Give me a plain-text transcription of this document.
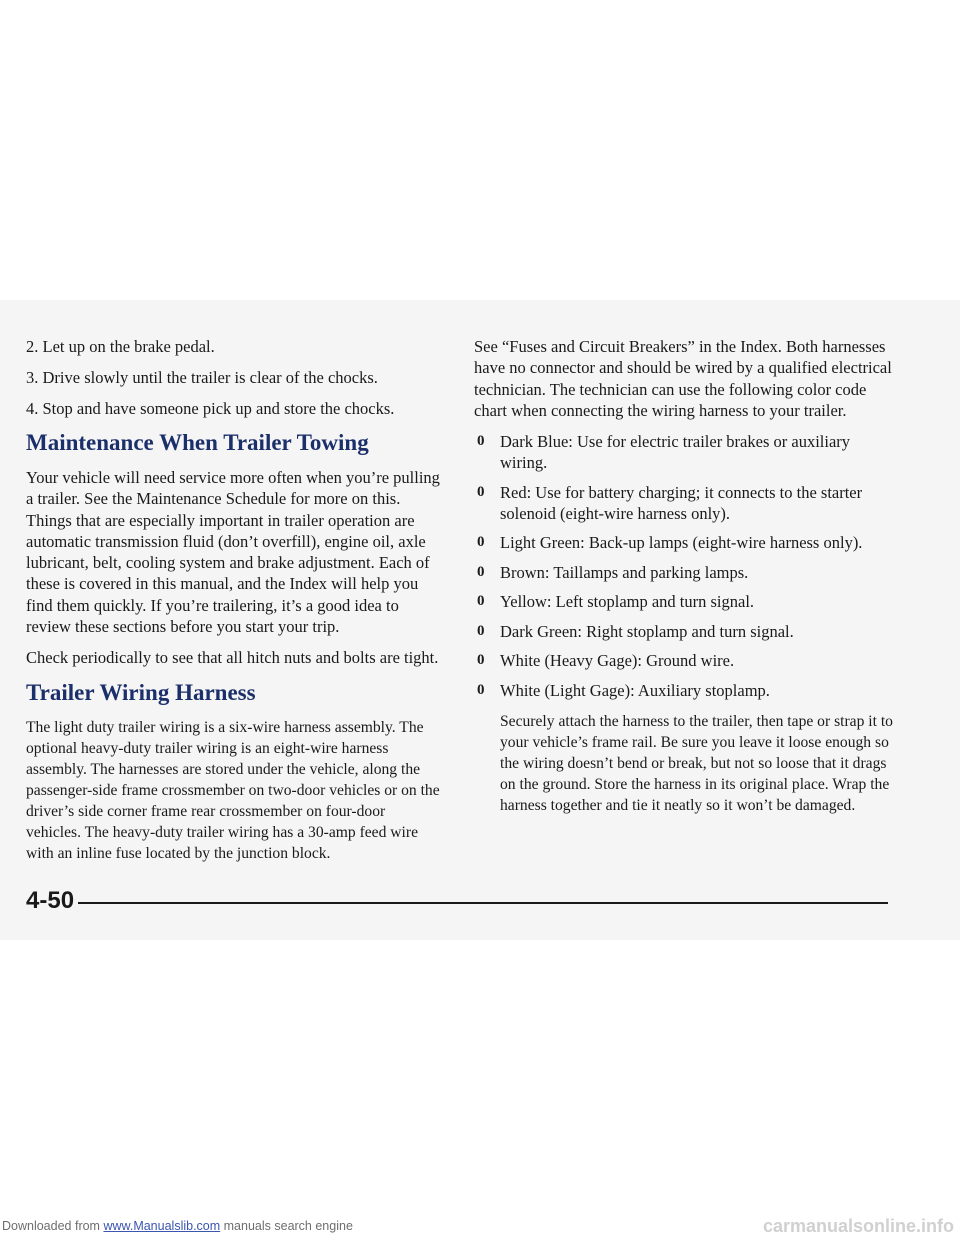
2. Let up on the brake pedal.

3. Drive slowly until the trailer is clear of the chocks.

4. Stop and have someone pick up and store the chocks.

Maintenance When Trailer Towing

Your vehicle will need service more often when you’re pulling a trailer. See the Maintenance Schedule for more on this. Things that are especially important in trailer operation are automatic transmission fluid (don’t overfill), engine oil, axle lubricant, belt, cooling system and brake adjustment. Each of these is covered in this manual, and the Index will help you find them quickly. If you’re trailering, it’s a good idea to review these sections before you start your trip.

Check periodically to see that all hitch nuts and bolts are tight.

Trailer Wiring Harness

The light duty trailer wiring is a six-wire harness assembly. The optional heavy-duty trailer wiring is an eight-wire harness assembly. The harnesses are stored under the vehicle, along the passenger-side frame crossmember on two-door vehicles or on the driver’s side corner frame rear crossmember on four-door vehicles. The heavy-duty trailer wiring has a 30-amp feed wire with an inline fuse located by the junction block.

See “Fuses and Circuit Breakers” in the Index. Both harnesses have no connector and should be wired by a qualified electrical technician. The technician can use the following color code chart when connecting the wiring harness to your trailer.

0 Dark Blue: Use for electric trailer brakes or auxiliary wiring.
0 Red: Use for battery charging; it connects to the starter solenoid (eight-wire harness only).
0 Light Green: Back-up lamps (eight-wire harness only).
0 Brown: Taillamps and parking lamps.
0 Yellow: Left stoplamp and turn signal.
0 Dark Green: Right stoplamp and turn signal.
0 White (Heavy Gage): Ground wire.
0 White (Light Gage): Auxiliary stoplamp.

Securely attach the harness to the trailer, then tape or strap it to your vehicle’s frame rail. Be sure you leave it loose enough so the wiring doesn’t bend or break, but not so loose that it drags on the ground. Store the harness in its original place. Wrap the harness together and tie it neatly so it won’t be damaged.

4-50
Downloaded from www.Manualslib.com manuals search engine	carmanualsonline.info
